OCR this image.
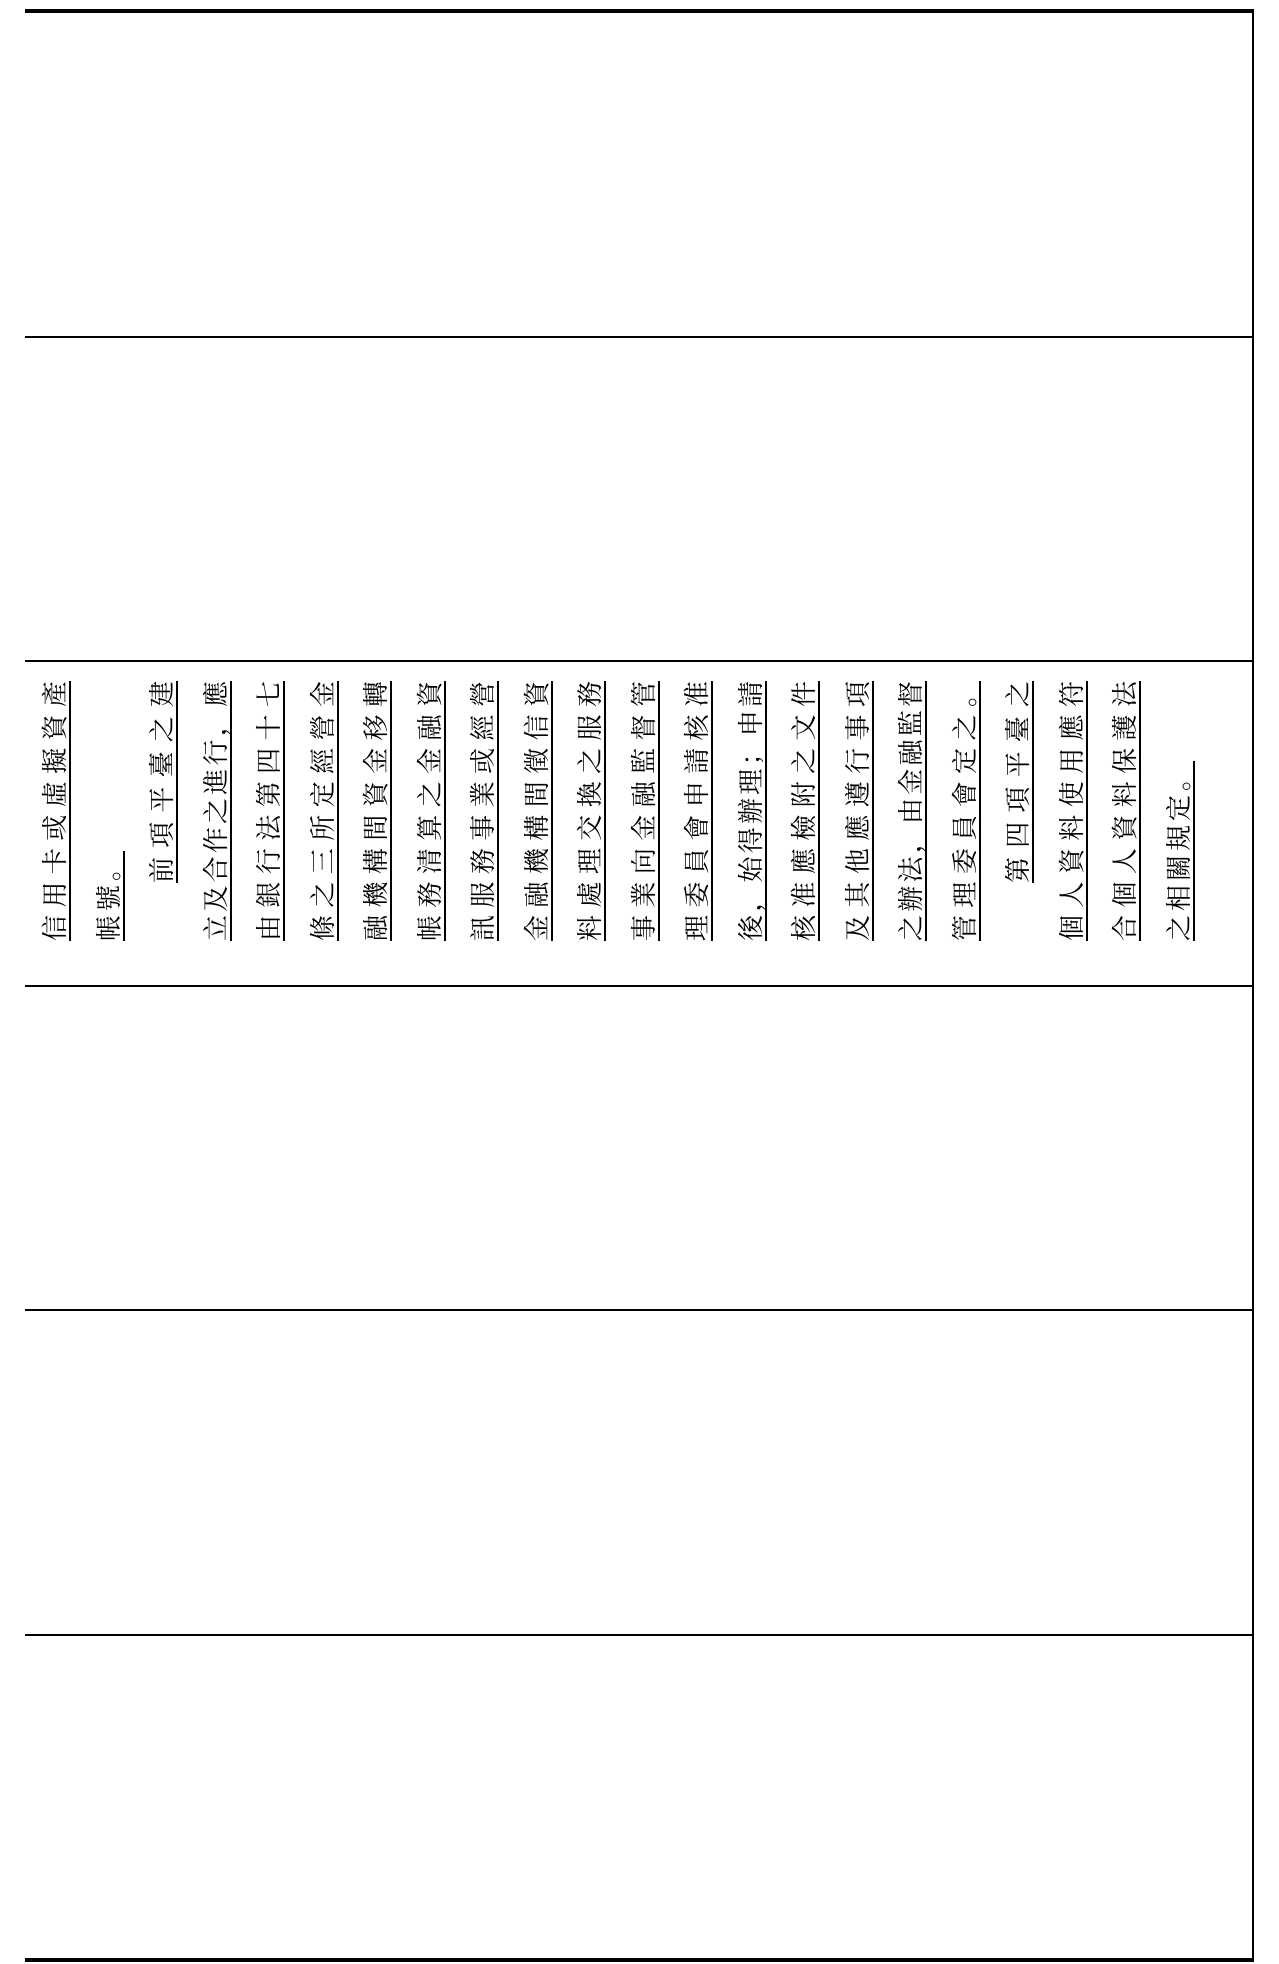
信用卡或虛擬資產 帳號。
前項平臺之建 立及合作之進行，應 由銀行法第四十七 條之三所定經營金 融機構間資金移轉 帳務清算之金融資 訊服務事業或經營 金融機構間徵信資 料處理交換之服務 事業向金融監督管 理委員會申請核准 後，始得辦理；申請 核准應檢附之文件 及其他應遵行事項 之辦法，由金融監督 管理委員會定之。 第四項平臺之 個人資料使用應符 合個人資料保護法 之相關規定。
